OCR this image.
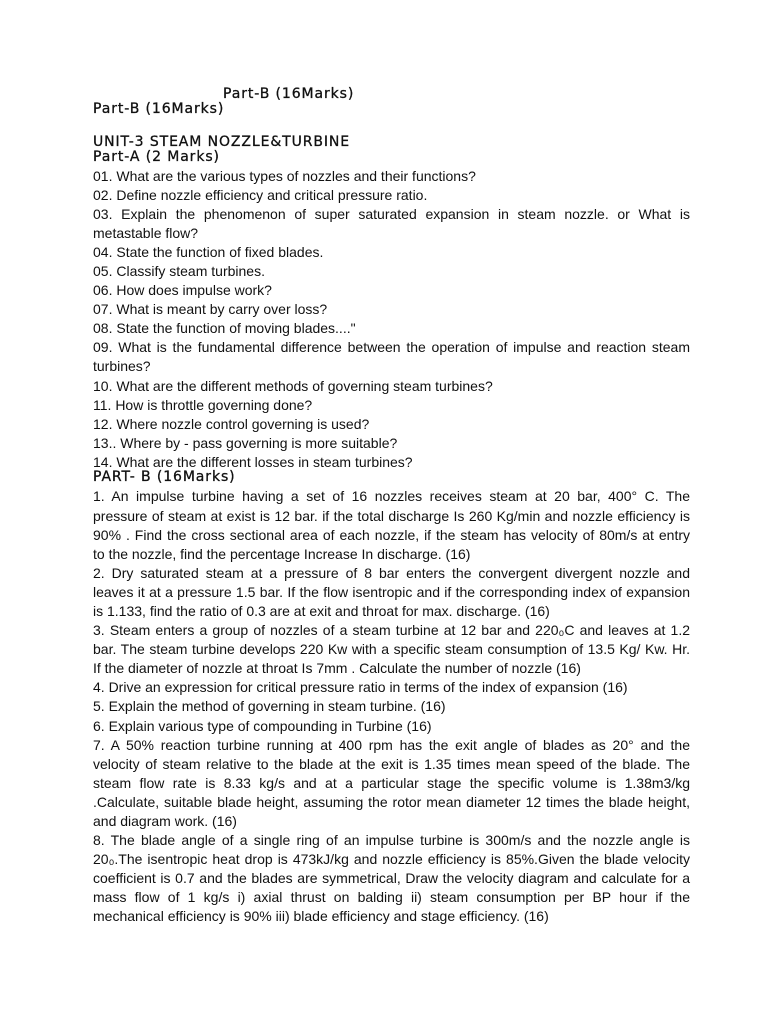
Part-B (16Marks)
Part-B (16Marks)
UNIT-3 STEAM NOZZLE&TURBINE
Part-A (2 Marks)
01. What are the various types of nozzles and their functions?
02. Define nozzle efficiency and critical pressure ratio.
03. Explain the phenomenon of super saturated expansion in steam nozzle. or What is
metastable flow?
04. State the function of fixed blades.
05. Classify steam turbines.
06. How does impulse work?
07. What is meant by carry over loss?
08. State the function of moving blades...."
09. What is the fundamental difference between the operation of impulse and reaction steam
turbines?
10. What are the different methods of governing steam turbines?
11. How is throttle governing done?
12. Where nozzle control governing is used?
13.. Where by - pass governing is more suitable?
14. What are the different losses in steam turbines?
PART- B (16Marks)
1. An impulse turbine having a set of 16 nozzles receives steam at 20 bar, 400° C. The
pressure of steam at exist is 12 bar. if the total discharge Is 260 Kg/min and nozzle efficiency is
90% . Find the cross sectional area of each nozzle, if the steam has velocity of 80m/s at entry
to the nozzle, find the percentage Increase In discharge. (16)
2. Dry saturated steam at a pressure of 8 bar enters the convergent divergent nozzle and
leaves it at a pressure 1.5 bar. If the flow isentropic and if the corresponding index of expansion
is 1.133, find the ratio of 0.3 are at exit and throat for max. discharge. (16)
3. Steam enters a group of nozzles of a steam turbine at 12 bar and 220₀C and leaves at 1.2
bar. The steam turbine develops 220 Kw with a specific steam consumption of 13.5 Kg/ Kw. Hr.
If the diameter of nozzle at throat Is 7mm . Calculate the number of nozzle (16)
4. Drive an expression for critical pressure ratio in terms of the index of expansion (16)
5. Explain the method of governing in steam turbine. (16)
6. Explain various type of compounding in Turbine (16)
7. A 50% reaction turbine running at 400 rpm has the exit angle of blades as 20° and the
velocity of steam relative to the blade at the exit is 1.35 times mean speed of the blade. The
steam flow rate is 8.33 kg/s and at a particular stage the specific volume is 1.38m3/kg
.Calculate, suitable blade height, assuming the rotor mean diameter 12 times the blade height,
and diagram work. (16)
8. The blade angle of a single ring of an impulse turbine is 300m/s and the nozzle angle is
20₀.The isentropic heat drop is 473kJ/kg and nozzle efficiency is 85%.Given the blade velocity
coefficient is 0.7 and the blades are symmetrical, Draw the velocity diagram and calculate for a
mass flow of 1 kg/s i) axial thrust on balding ii) steam consumption per BP hour if the
mechanical efficiency is 90% iii) blade efficiency and stage efficiency. (16)
